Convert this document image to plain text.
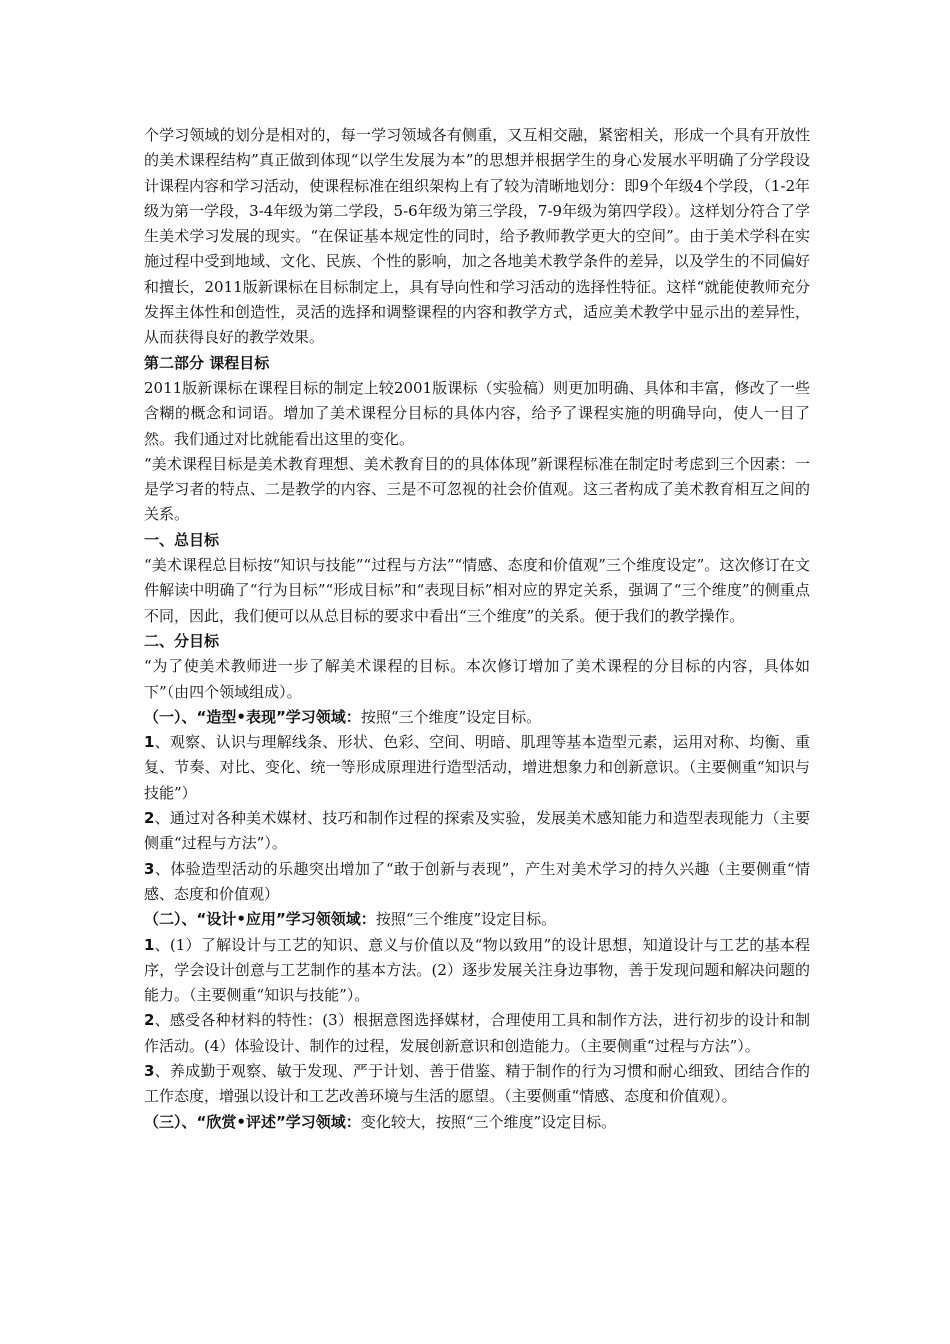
个学习领域的划分是相对的，每一学习领域各有侧重，又互相交融，紧密相关，形成一个具有开放性的美术课程结构”真正做到体现“以学生发展为本”的思想并根据学生的身心发展水平明确了分学段设计课程内容和学习活动，使课程标准在组织架构上有了较为清晰地划分：即9个年级4个学段，（1-2年级为第一学段，3-4年级为第二学段，5-6年级为第三学段，7-9年级为第四学段）。这样划分符合了学生美术学习发展的现实。“在保证基本规定性的同时，给予教师教学更大的空间”。由于美术学科在实施过程中受到地域、文化、民族、个性的影响，加之各地美术教学条件的差异，以及学生的不同偏好和擅长，2011版新课标在目标制定上，具有导向性和学习活动的选择性特征。这样“就能使教师充分发挥主体性和创造性，灵活的选择和调整课程的内容和教学方式，适应美术教学中显示出的差异性，从而获得良好的教学效果。

第二部分 课程目标

2011版新课标在课程目标的制定上较2001版课标（实验稿）则更加明确、具体和丰富，修改了一些含糊的概念和词语。增加了美术课程分目标的具体内容，给予了课程实施的明确导向，使人一目了然。我们通过对比就能看出这里的变化。

“美术课程目标是美术教育理想、美术教育目的的具体体现”新课程标准在制定时考虑到三个因素：一是学习者的特点、二是教学的内容、三是不可忽视的社会价值观。这三者构成了美术教育相互之间的关系。

一、总目标

“美术课程总目标按“知识与技能”“过程与方法”“情感、态度和价值观”三个维度设定”。这次修订在文件解读中明确了“行为目标”“形成目标”和“表现目标”相对应的界定关系，强调了“三个维度”的侧重点不同，因此，我们便可以从总目标的要求中看出“三个维度”的关系。便于我们的教学操作。

二、分目标

“为了使美术教师进一步了解美术课程的目标。本次修订增加了美术课程的分目标的内容，具体如下”（由四个领域组成）。

（一）、“造型•表现”学习领域：按照“三个维度”设定目标。

1、观察、认识与理解线条、形状、色彩、空间、明暗、肌理等基本造型元素，运用对称、均衡、重复、节奏、对比、变化、统一等形成原理进行造型活动，增进想象力和创新意识。（主要侧重“知识与技能”）

2、通过对各种美术媒材、技巧和制作过程的探索及实验，发展美术感知能力和造型表现能力（主要侧重“过程与方法”）。

3、体验造型活动的乐趣突出增加了“敢于创新与表现”，产生对美术学习的持久兴趣（主要侧重“情感、态度和价值观）

（二）、“设计•应用”学习领领域：按照“三个维度”设定目标。

1、(1）了解设计与工艺的知识、意义与价值以及“物以致用”的设计思想，知道设计与工艺的基本程序，学会设计创意与工艺制作的基本方法。(2）逐步发展关注身边事物，善于发现问题和解决问题的能力。（主要侧重“知识与技能”）。

2、感受各种材料的特性：(3）根据意图选择媒材，合理使用工具和制作方法，进行初步的设计和制作活动。(4）体验设计、制作的过程，发展创新意识和创造能力。（主要侧重“过程与方法”）。

3、养成勤于观察、敏于发现、严于计划、善于借鉴、精于制作的行为习惯和耐心细致、团结合作的工作态度，增强以设计和工艺改善环境与生活的愿望。（主要侧重“情感、态度和价值观）。

（三）、“欣赏•评述”学习领域：变化较大，按照“三个维度”设定目标。
